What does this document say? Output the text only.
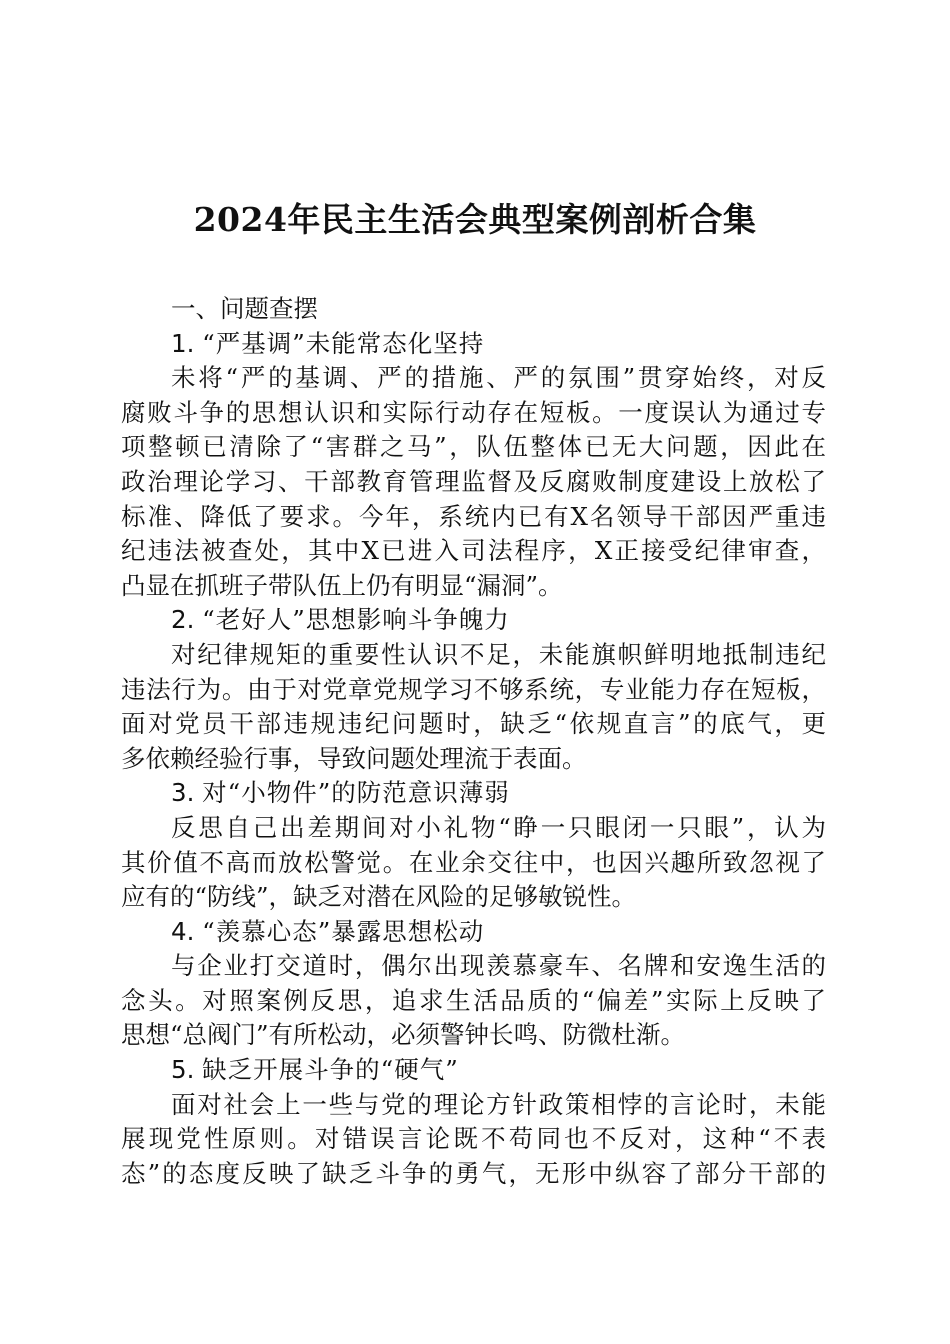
2024年民主生活会典型案例剖析合集
一、问题查摆
1. “严基调”未能常态化坚持
未将“严的基调、严的措施、严的氛围”贯穿始终，对反
腐败斗争的思想认识和实际行动存在短板。一度误认为通过专
项整顿已清除了“害群之马”，队伍整体已无大问题，因此在
政治理论学习、干部教育管理监督及反腐败制度建设上放松了
标准、降低了要求。今年，系统内已有X名领导干部因严重违
纪违法被查处，其中X已进入司法程序，X正接受纪律审查，
凸显在抓班子带队伍上仍有明显“漏洞”。
2. “老好人”思想影响斗争魄力
对纪律规矩的重要性认识不足，未能旗帜鲜明地抵制违纪
违法行为。由于对党章党规学习不够系统，专业能力存在短板，
面对党员干部违规违纪问题时，缺乏“依规直言”的底气，更
多依赖经验行事，导致问题处理流于表面。
3. 对“小物件”的防范意识薄弱
反思自己出差期间对小礼物“睁一只眼闭一只眼”，认为
其价值不高而放松警觉。在业余交往中，也因兴趣所致忽视了
应有的“防线”，缺乏对潜在风险的足够敏锐性。
4. “羡慕心态”暴露思想松动
与企业打交道时，偶尔出现羡慕豪车、名牌和安逸生活的
念头。对照案例反思，追求生活品质的“偏差”实际上反映了
思想“总阀门”有所松动，必须警钟长鸣、防微杜渐。
5. 缺乏开展斗争的“硬气”
面对社会上一些与党的理论方针政策相悖的言论时，未能
展现党性原则。对错误言论既不苟同也不反对，这种“不表
态”的态度反映了缺乏斗争的勇气，无形中纵容了部分干部的
